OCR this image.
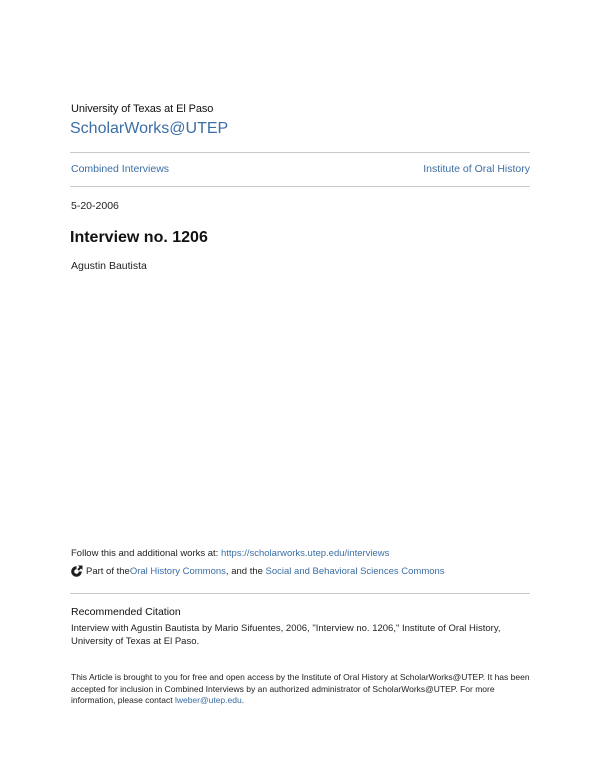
University of Texas at El Paso
ScholarWorks@UTEP
Combined Interviews	Institute of Oral History
5-20-2006
Interview no. 1206
Agustin Bautista
Follow this and additional works at: https://scholarworks.utep.edu/interviews
Part of the Oral History Commons , and the Social and Behavioral Sciences Commons
Recommended Citation
Interview with Agustin Bautista by Mario Sifuentes, 2006, "Interview no. 1206," Institute of Oral History, University of Texas at El Paso.
This Article is brought to you for free and open access by the Institute of Oral History at ScholarWorks@UTEP. It has been accepted for inclusion in Combined Interviews by an authorized administrator of ScholarWorks@UTEP. For more information, please contact lweber@utep.edu.
